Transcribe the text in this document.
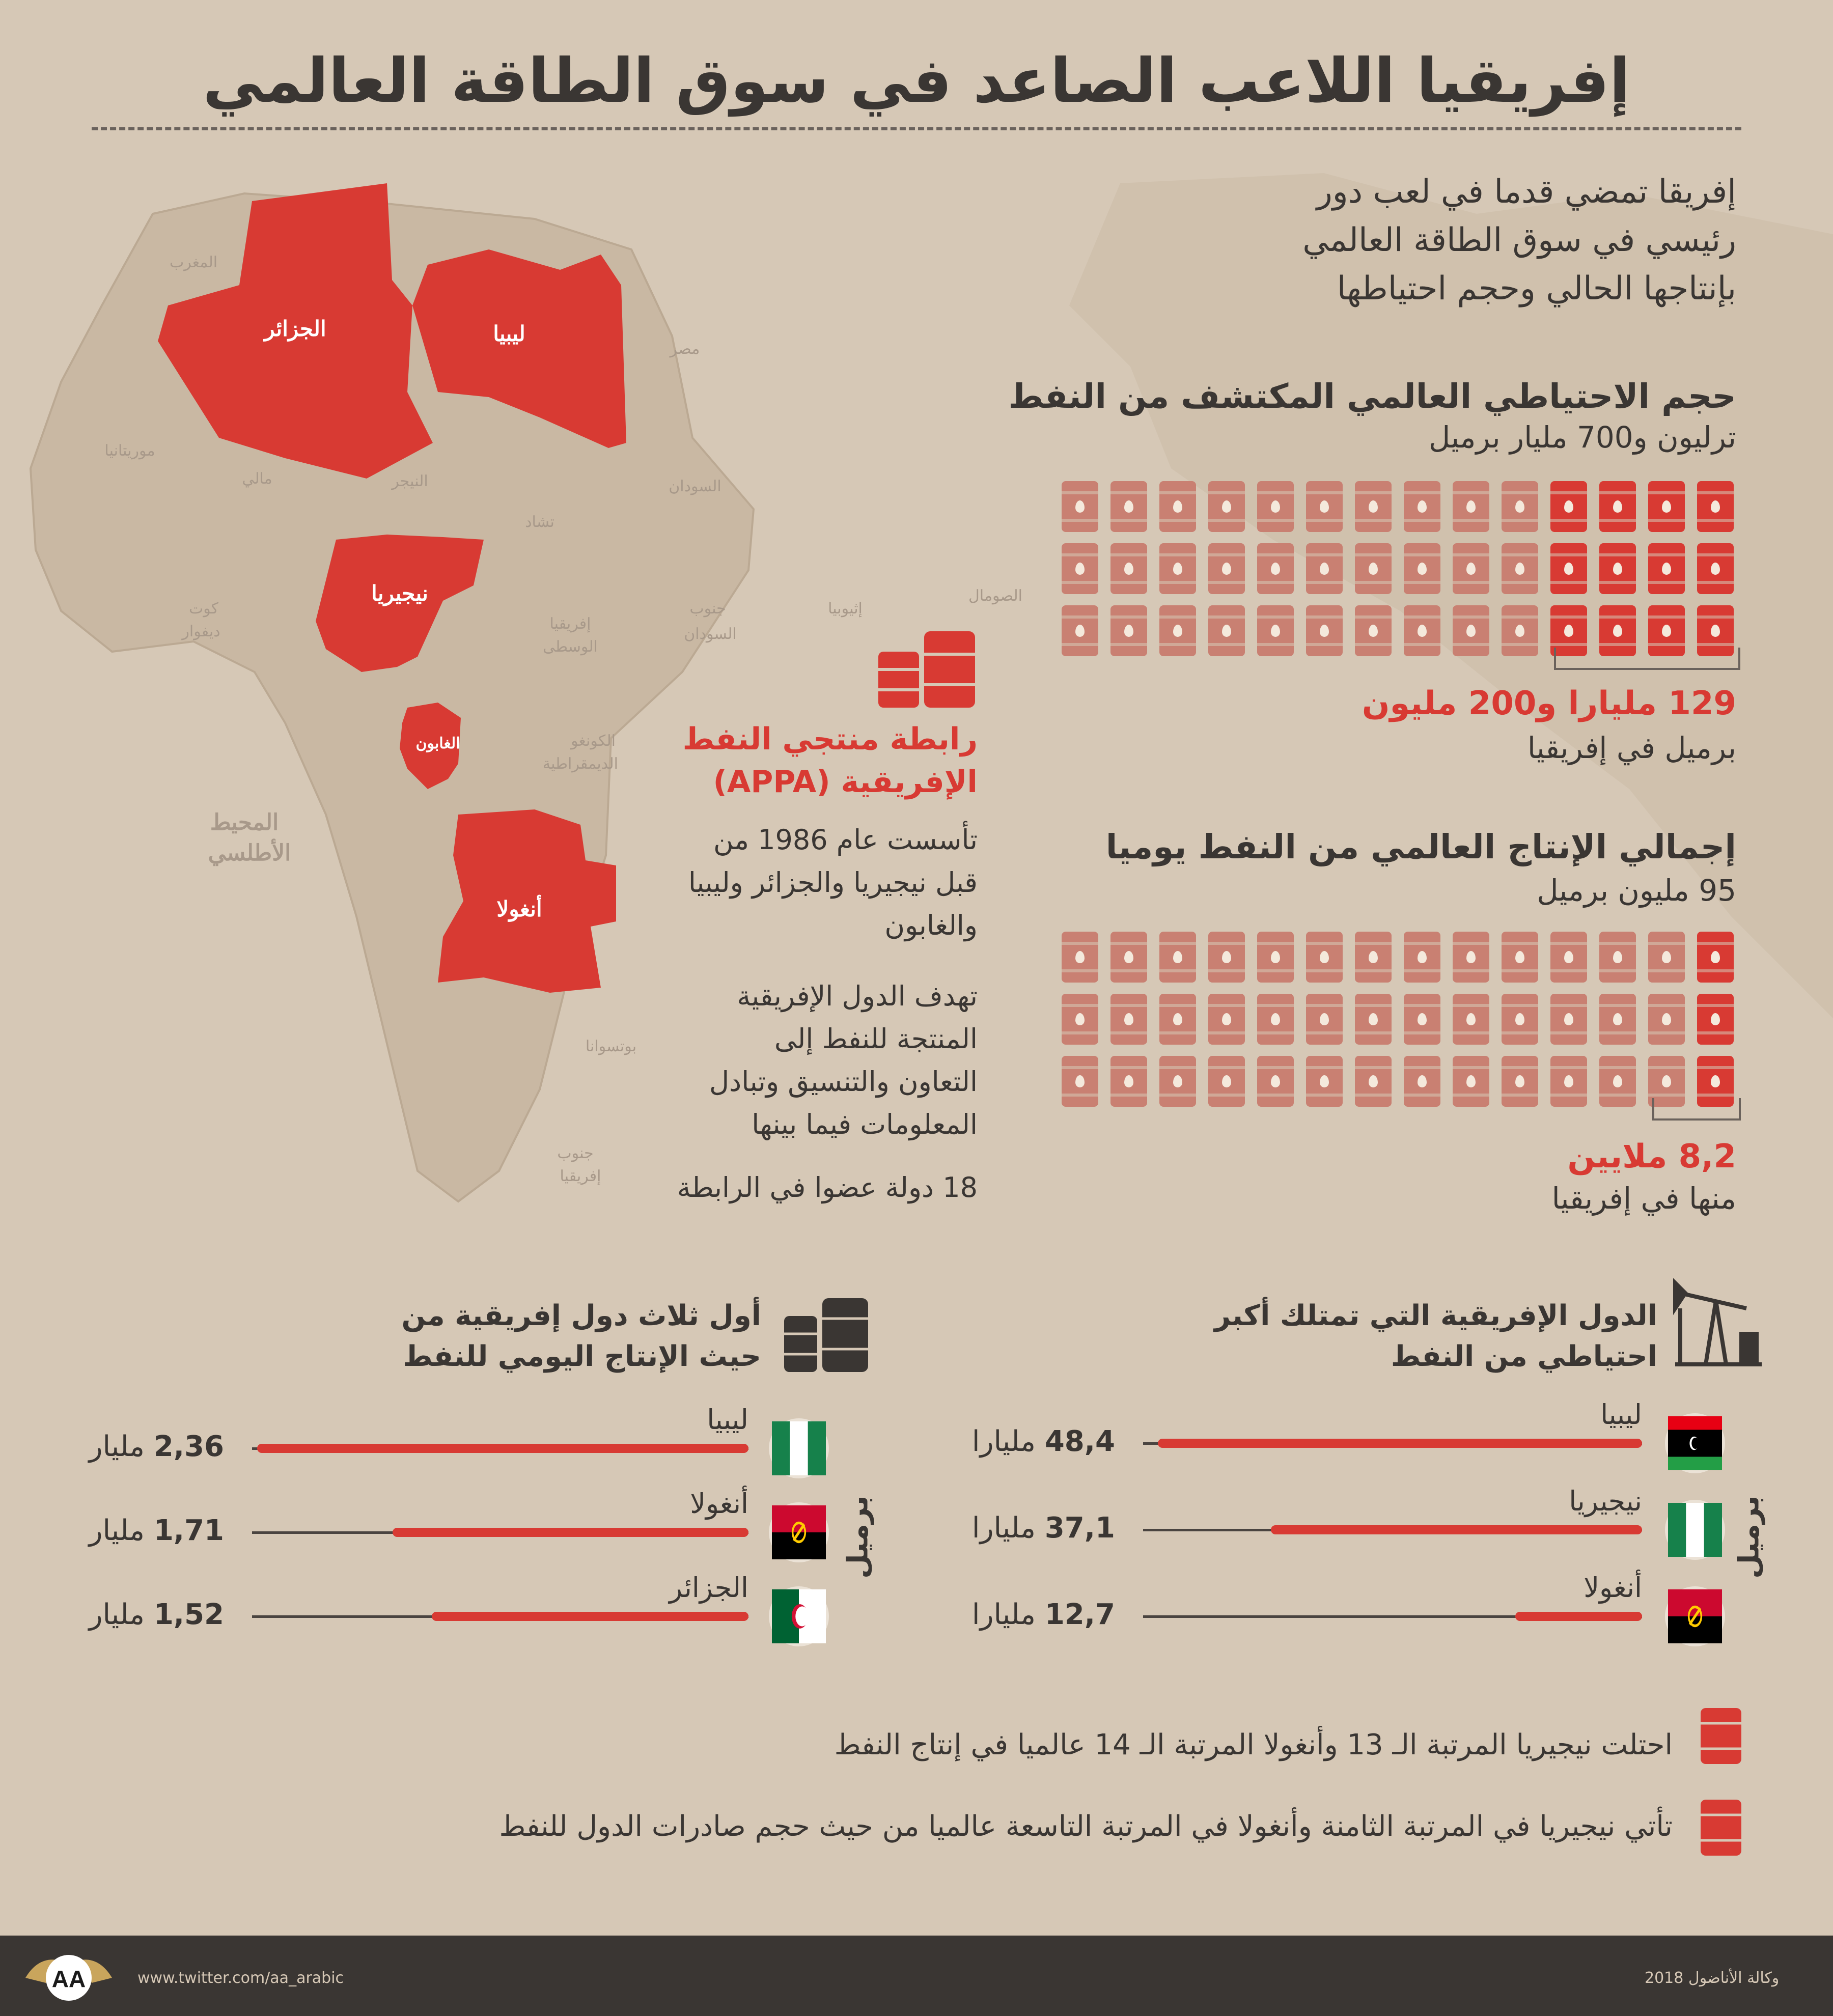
إفريقيا اللاعب الصاعد في سوق الطاقة العالمي
الجزائر	ليبيا
نيجيريا
الغابون
أنغولا
المغرب
مصر
موريتانيا
مالي	النيجر	السودان
تشاد
الصومال
إثيوبيا
جنوب
السودان
كوت
ديفوار	إفريقيا
الوسطى
الكونغو
الديمقراطية
بوتسوانا
جنوب
إفريقيا
المحيط
الأطلسي
إفريقا تمضي قدما في لعب دور
رئيسي في سوق الطاقة العالمي
بإنتاجها الحالي وحجم احتياطها
حجم الاحتياطي العالمي المكتشف من النفط
ترليون و700 مليار برميل
129 مليارا و200 مليون
برميل في إفريقيا
إجمالي الإنتاج العالمي من النفط يوميا
95 مليون برميل
8,2 ملايين
منها في إفريقيا
رابطة منتجي النفط
الإفريقية (APPA)
تأسست عام 1986 من
قبل نيجيريا والجزائر وليبيا
والغابون
تهدف الدول الإفريقية
المنتجة للنفط إلى
التعاون والتنسيق وتبادل
المعلومات فيما بينها
18 دولة عضوا في الرابطة
الدول الإفريقية التي تمتلك أكبر
احتياطي من النفط
برميل
ليبيا
48,4 مليارا
نيجيريا
37,1 مليارا
أنغولا
12,7 مليارا
أول ثلاث دول إفريقية من
حيث الإنتاج اليومي للنفط
برميل
ليبيا
2,36 مليار
أنغولا
1,71 مليار
الجزائر
1,52 مليار
احتلت نيجيريا المرتبة الـ 13 وأنغولا المرتبة الـ 14 عالميا في إنتاج النفط
تأتي نيجيريا في المرتبة الثامنة وأنغولا في المرتبة التاسعة عالميا من حيث حجم صادرات الدول للنفط
AA	www.twitter.com/aa_arabic	وكالة الأناضول 2018
